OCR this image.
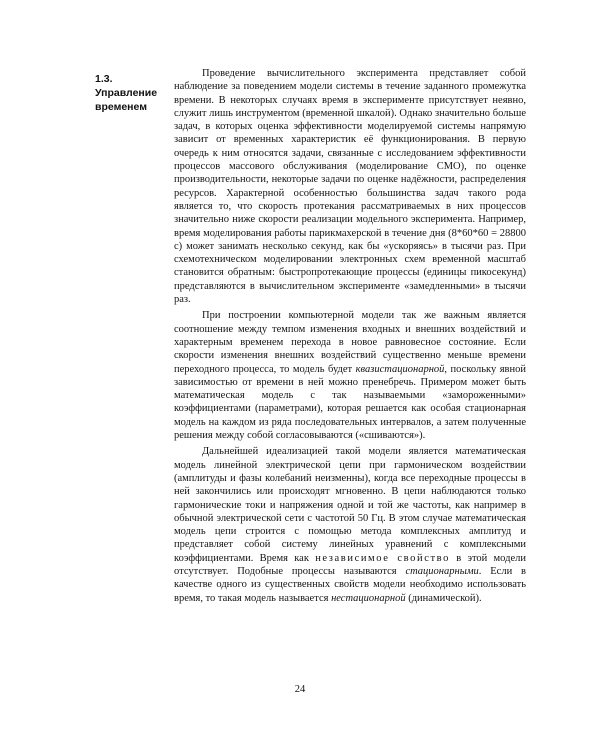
1.3.
Управление
временем

Проведение вычислительного эксперимента представляет собой наблюдение за поведением модели системы в течение заданного промежутка времени. В некоторых случаях время в эксперименте присутствует неявно, служит лишь инструментом (временной шкалой). Однако значительно больше задач, в которых оценка эффективности моделируемой системы напрямую зависит от временных характеристик её функционирования. В первую очередь к ним относятся задачи, связанные с исследованием эффективности процессов массового обслуживания (моделирование СМО), по оценке производительности, некоторые задачи по оценке надёжности, распределения ресурсов. Характерной особенностью большинства задач такого рода является то, что скорость протекания рассматриваемых в них процессов значительно ниже скорости реализации модельного эксперимента. Например, время моделирования работы парикмахерской в течение дня (8*60*60 = 28800 с) может занимать несколько секунд, как бы «ускоряясь» в тысячи раз. При схемотехническом моделировании электронных схем временной масштаб становится обратным: быстропротекающие процессы (единицы пикосекунд) представляются в вычислительном эксперименте «замедленными» в тысячи раз.

При построении компьютерной модели так же важным является соотношение между темпом изменения входных и внешних воздействий и характерным временем перехода в новое равновесное состояние. Если скорости изменения внешних воздействий существенно меньше времени переходного процесса, то модель будет квазистационарной, поскольку явной зависимостью от времени в ней можно пренебречь. Примером может быть математическая модель с так называемыми «замороженными» коэффициентами (параметрами), которая решается как особая стационарная модель на каждом из ряда последовательных интервалов, а затем полученные решения между собой согласовываются («сшиваются»).

Дальнейшей идеализацией такой модели является математическая модель линейной электрической цепи при гармоническом воздействии (амплитуды и фазы колебаний неизменны), когда все переходные процессы в ней закончились или происходят мгновенно. В цепи наблюдаются только гармонические токи и напряжения одной и той же частоты, как например в обычной электрической сети с частотой 50 Гц. В этом случае математическая модель цепи строится с помощью метода комплексных амплитуд и представляет собой систему линейных уравнений с комплексными коэффициентами. Время как независимое свойство в этой модели отсутствует. Подобные процессы называются стационарными. Если в качестве одного из существенных свойств модели необходимо использовать время, то такая модель называется нестационарной (динамической).

24
